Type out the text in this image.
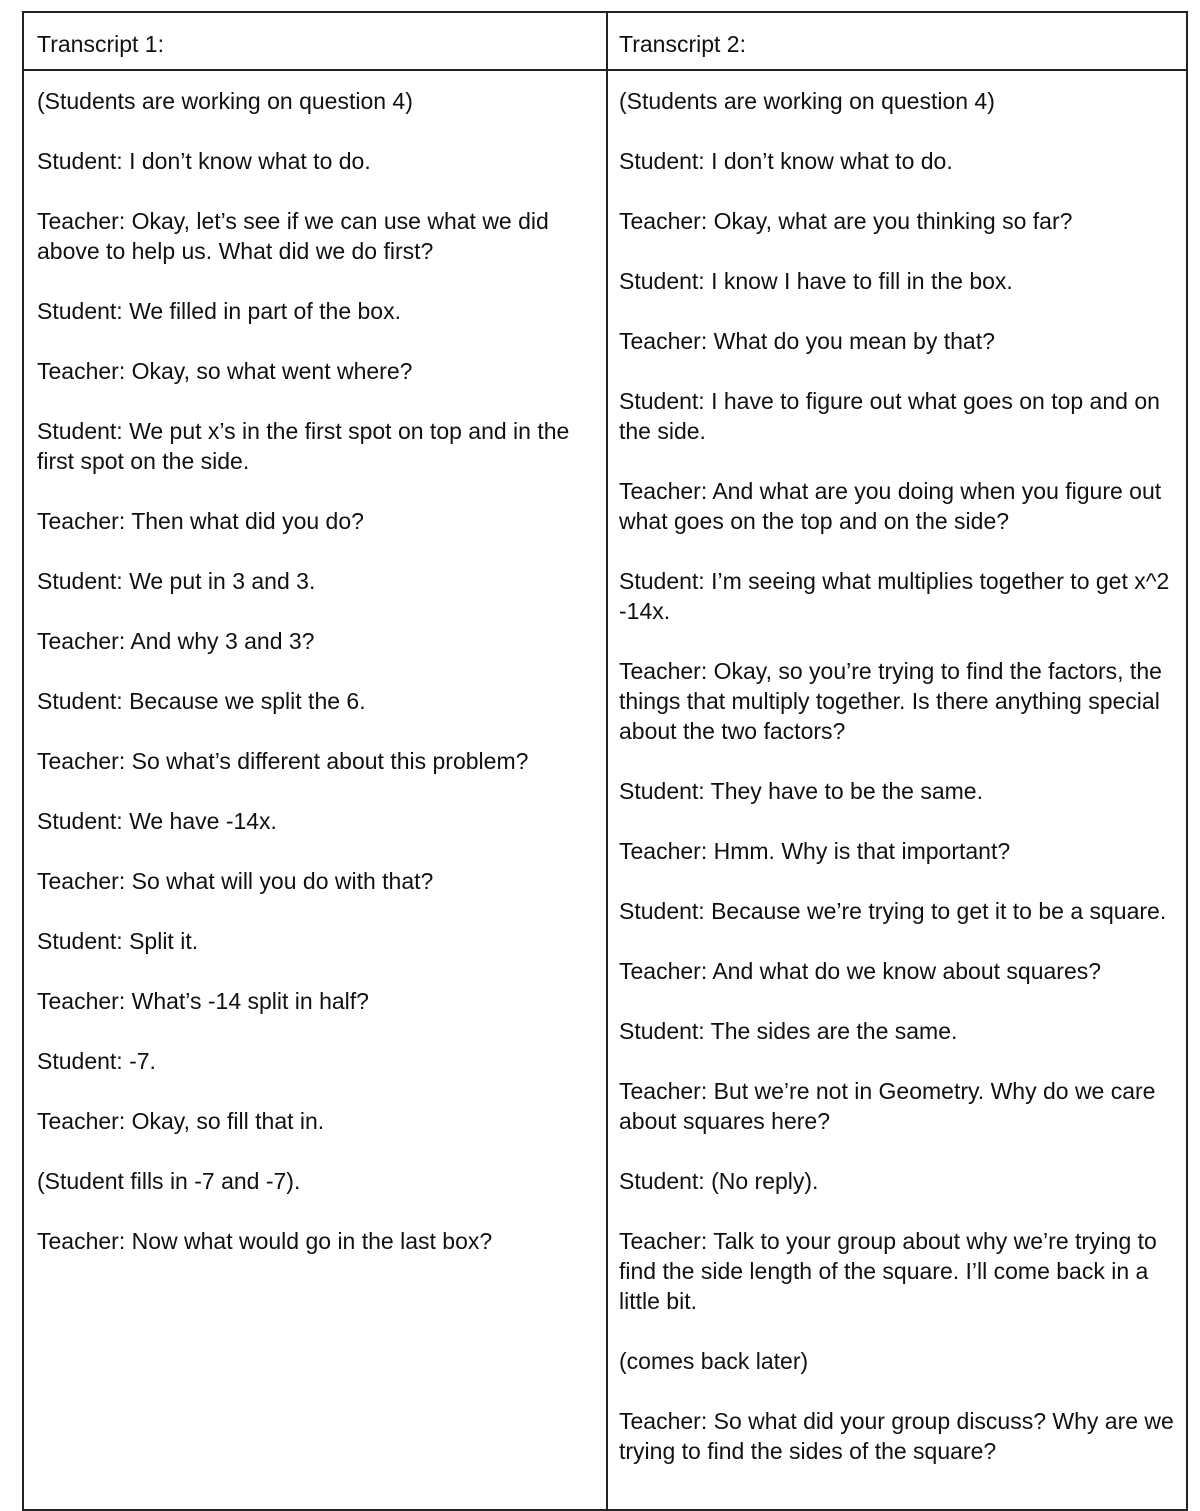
Transcript 1:	Transcript 2:
(Students are working on question 4)
Student: I don’t know what to do.
Teacher: Okay, let’s see if we can use what we did above to help us. What did we do first?
Student: We filled in part of the box.
Teacher: Okay, so what went where?
Student: We put x’s in the first spot on top and in the first spot on the side.
Teacher: Then what did you do?
Student: We put in 3 and 3.
Teacher: And why 3 and 3?
Student: Because we split the 6.
Teacher: So what’s different about this problem?
Student: We have -14x.
Teacher: So what will you do with that?
Student: Split it.
Teacher: What’s -14 split in half?
Student: -7.
Teacher: Okay, so fill that in.
(Student fills in -7 and -7).
Teacher: Now what would go in the last box?
(Students are working on question 4)
Student: I don’t know what to do.
Teacher: Okay, what are you thinking so far?
Student: I know I have to fill in the box.
Teacher: What do you mean by that?
Student: I have to figure out what goes on top and on the side.
Teacher: And what are you doing when you figure out what goes on the top and on the side?
Student: I’m seeing what multiplies together to get x^2 -14x.
Teacher: Okay, so you’re trying to find the factors, the things that multiply together. Is there anything special about the two factors?
Student: They have to be the same.
Teacher: Hmm. Why is that important?
Student: Because we’re trying to get it to be a square.
Teacher: And what do we know about squares?
Student: The sides are the same.
Teacher: But we’re not in Geometry. Why do we care about squares here?
Student: (No reply).
Teacher: Talk to your group about why we’re trying to find the side length of the square. I’ll come back in a little bit.
(comes back later)
Teacher: So what did your group discuss? Why are we trying to find the sides of the square?
